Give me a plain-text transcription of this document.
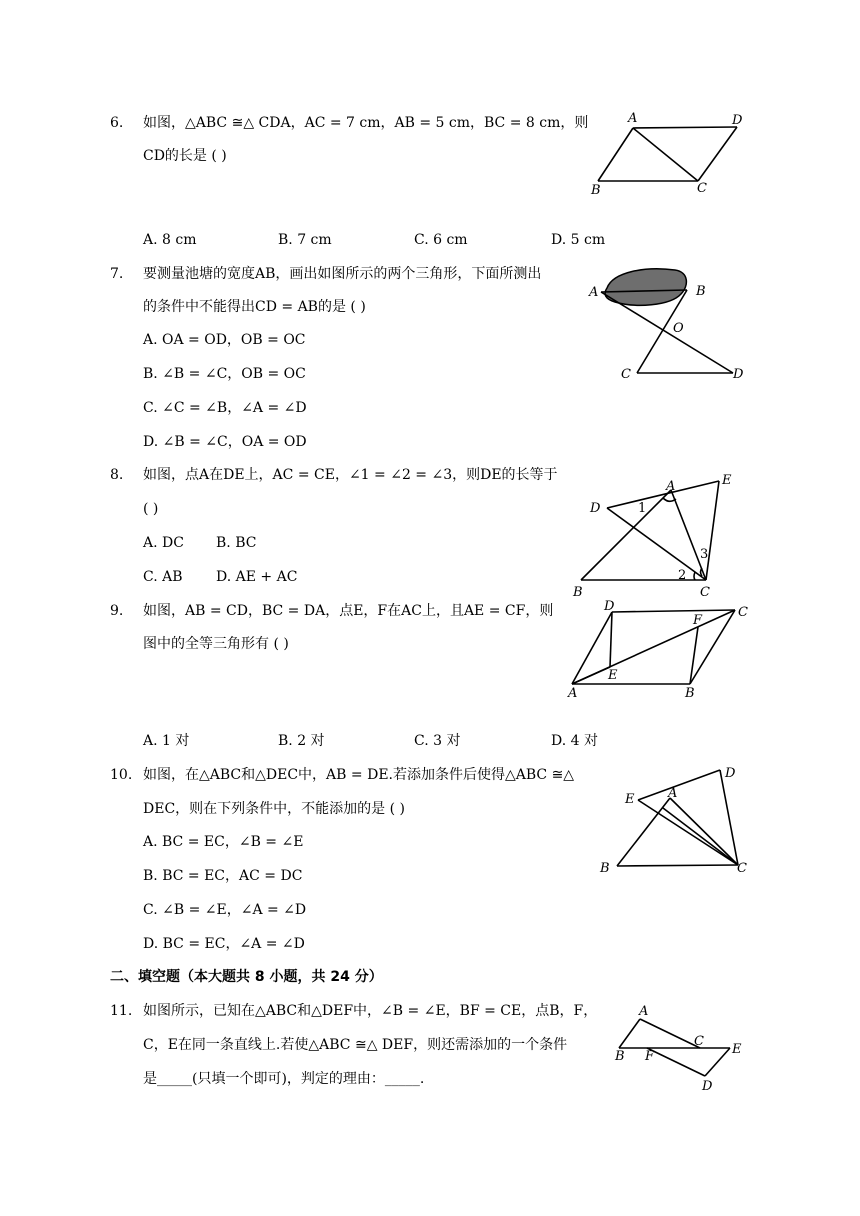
6. 如图，△ABC ≅△ CDA，AC = 7 cm，AB = 5 cm，BC = 8 cm，则
CD的长是 ( )
A. 8 cm	B. 7 cm	C. 6 cm	D. 5 cm
A	D
B	C
7. 要测量池塘的宽度AB，画出如图所示的两个三角形，下面所测出
的条件中不能得出CD = AB的是 ( )
A. OA = OD，OB = OC
B. ∠B = ∠C，OB = OC
C. ∠C = ∠B，∠A = ∠D
D. ∠B = ∠C，OA = OD
A	B
O
C	D
8. 如图，点A在DE上，AC = CE，∠1 = ∠2 = ∠3，则DE的长等于
( )
A. DC B. BC
C. AB D. AE + AC
A	E
D
B	C
1
2
3
9. 如图，AB = CD，BC = DA，点E，F在AC上，且AE = CF，则
图中的全等三角形有 ( )
A. 1 对	B. 2 对	C. 3 对	D. 4 对
D	C
F
E
A	B
10. 如图，在△ABC和△DEC中，AB = DE.若添加条件后使得△ABC ≅△
DEC，则在下列条件中，不能添加的是 ( )
A. BC = EC，∠B = ∠E
B. BC = EC，AC = DC
C. ∠B = ∠E，∠A = ∠D
D. BC = EC，∠A = ∠D
D
E	A
B	C
二、填空题（本大题共 8 小题，共 24 分）
11. 如图所示，已知在△ABC和△DEF中，∠B = ∠E，BF = CE，点B，F，
C，E在同一条直线上.若使△ABC ≅△ DEF，则还需添加的一个条件
是_____(只填一个即可)，判定的理由：_____.
A
C
B F	E
D
